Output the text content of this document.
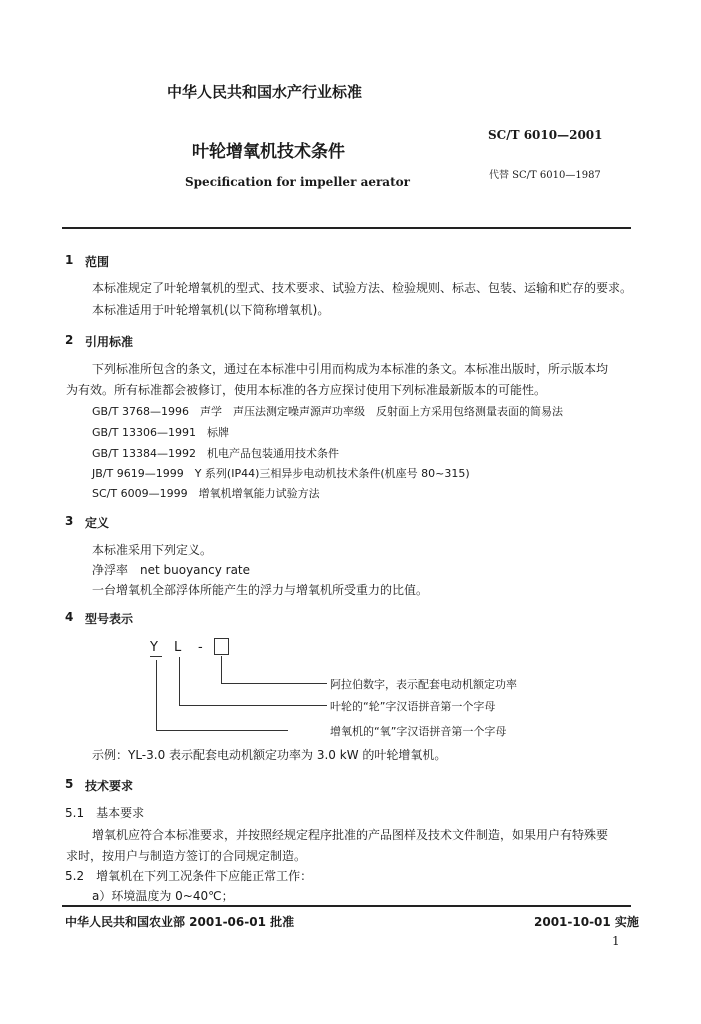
中华人民共和国水产行业标准
叶轮增氧机技术条件
Specification for impeller aerator
SC/T 6010—2001
代替 SC/T 6010—1987
1 范围
本标准规定了叶轮增氧机的型式、技术要求、试验方法、检验规则、标志、包装、运输和贮存的要求。
本标准适用于叶轮增氧机(以下简称增氧机)。
2 引用标准
下列标准所包含的条文，通过在本标准中引用而构成为本标准的条文。本标准出版时，所示版本均
为有效。所有标准都会被修订，使用本标准的各方应探讨使用下列标准最新版本的可能性。
GB/T 3768—1996　声学　声压法测定噪声源声功率级　反射面上方采用包络测量表面的简易法
GB/T 13306—1991　标牌
GB/T 13384—1992　机电产品包装通用技术条件
JB/T 9619—1999　Y 系列(IP44)三相异步电动机技术条件(机座号 80~315)
SC/T 6009—1999　增氧机增氧能力试验方法
3 定义
本标准采用下列定义。
净浮率　net buoyancy rate
一台增氧机全部浮体所能产生的浮力与增氧机所受重力的比值。
4 型号表示
Y L -
阿拉伯数字，表示配套电动机额定功率
叶轮的“轮”字汉语拼音第一个字母
增氧机的“氧”字汉语拼音第一个字母
示例：YL-3.0 表示配套电动机额定功率为 3.0 kW 的叶轮增氧机。
5 技术要求
5.1　基本要求
增氧机应符合本标准要求，并按照经规定程序批准的产品图样及技术文件制造，如果用户有特殊要
求时，按用户与制造方签订的合同规定制造。
5.2　增氧机在下列工况条件下应能正常工作：
a）环境温度为 0~40℃；
中华人民共和国农业部 2001-06-01 批准	2001-10-01 实施
1
